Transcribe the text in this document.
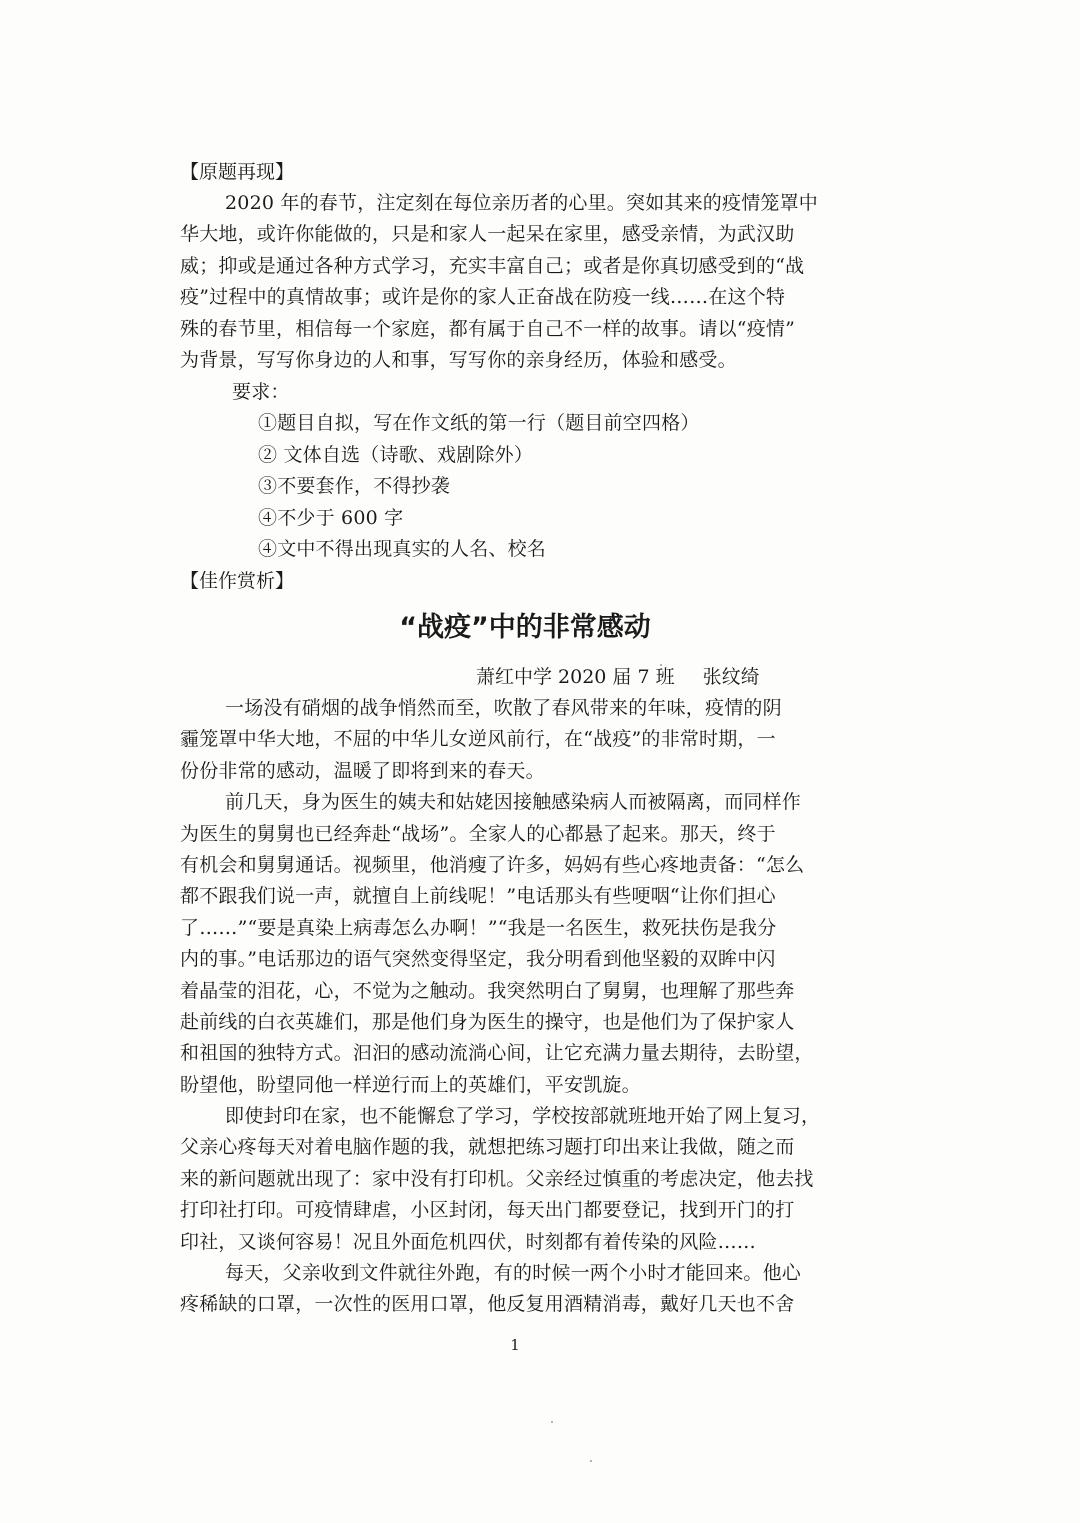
【原题再现】
2020 年的春节，注定刻在每位亲历者的心里。突如其来的疫情笼罩中
华大地，或许你能做的，只是和家人一起呆在家里，感受亲情，为武汉助
威；抑或是通过各种方式学习，充实丰富自己；或者是你真切感受到的“战
疫”过程中的真情故事；或许是你的家人正奋战在防疫一线……在这个特
殊的春节里，相信每一个家庭，都有属于自己不一样的故事。请以“疫情”
为背景，写写你身边的人和事，写写你的亲身经历，体验和感受。
要求：
①题目自拟，写在作文纸的第一行（题目前空四格）
② 文体自选（诗歌、戏剧除外）
③不要套作，不得抄袭
④不少于 600 字
④文中不得出现真实的人名、校名
【佳作赏析】
“战疫”中的非常感动
萧红中学 2020 届 7 班 张纹绮
一场没有硝烟的战争悄然而至，吹散了春风带来的年味，疫情的阴
霾笼罩中华大地，不屈的中华儿女逆风前行，在“战疫”的非常时期，一
份份非常的感动，温暖了即将到来的春天。
前几天，身为医生的姨夫和姑姥因接触感染病人而被隔离，而同样作
为医生的舅舅也已经奔赴“战场”。全家人的心都悬了起来。那天，终于
有机会和舅舅通话。视频里，他消瘦了许多，妈妈有些心疼地责备：“怎么
都不跟我们说一声，就擅自上前线呢！”电话那头有些哽咽“让你们担心
了……”“要是真染上病毒怎么办啊！”“我是一名医生，救死扶伤是我分
内的事。”电话那边的语气突然变得坚定，我分明看到他坚毅的双眸中闪
着晶莹的泪花，心，不觉为之触动。我突然明白了舅舅，也理解了那些奔
赴前线的白衣英雄们，那是他们身为医生的操守，也是他们为了保护家人
和祖国的独特方式。汩汩的感动流淌心间，让它充满力量去期待，去盼望，
盼望他，盼望同他一样逆行而上的英雄们，平安凯旋。
即使封印在家，也不能懈怠了学习，学校按部就班地开始了网上复习，
父亲心疼每天对着电脑作题的我，就想把练习题打印出来让我做，随之而
来的新问题就出现了：家中没有打印机。父亲经过慎重的考虑决定，他去找
打印社打印。可疫情肆虐，小区封闭，每天出门都要登记，找到开门的打
印社，又谈何容易！况且外面危机四伏，时刻都有着传染的风险……
每天，父亲收到文件就往外跑，有的时候一两个小时才能回来。他心
疼稀缺的口罩，一次性的医用口罩，他反复用酒精消毒，戴好几天也不舍
1
